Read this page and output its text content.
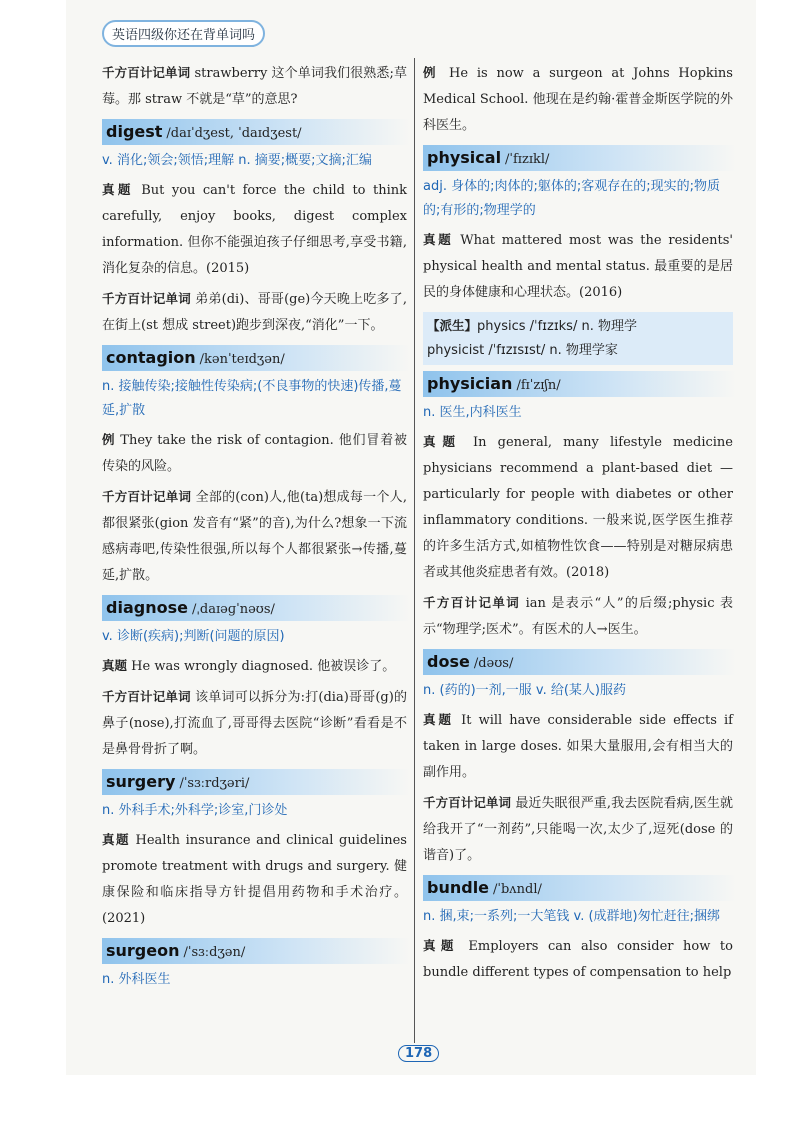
英语四级你还在背单词吗

千方百计记单词 strawberry 这个单词我们很熟悉;草莓。那 straw 不就是“草”的意思?

digest /daɪˈdʒest, ˈdaɪdʒest/

v. 消化;领会;领悟;理解 n. 摘要;概要;文摘;汇编

真题 But you can't force the child to think carefully, enjoy books, digest complex information. 但你不能强迫孩子仔细思考,享受书籍,消化复杂的信息。(2015)

千方百计记单词 弟弟(di)、哥哥(ge)今天晚上吃多了,在街上(st 想成 street)跑步到深夜,“消化”一下。

contagion /kənˈteɪdʒən/

n. 接触传染;接触性传染病;(不良事物的快速)传播,蔓延,扩散

例 They take the risk of contagion. 他们冒着被传染的风险。

千方百计记单词 全部的(con)人,他(ta)想成每一个人,都很紧张(gion 发音有“紧”的音),为什么?想象一下流感病毒吧,传染性很强,所以每个人都很紧张→传播,蔓延,扩散。

diagnose /ˌdaɪəɡˈnəʊs/

v. 诊断(疾病);判断(问题的原因)

真题 He was wrongly diagnosed. 他被误诊了。

千方百计记单词 该单词可以拆分为:打(dia)哥哥(g)的鼻子(nose),打流血了,哥哥得去医院“诊断”看看是不是鼻骨骨折了啊。

surgery /ˈsɜːrdʒəri/

n. 外科手术;外科学;诊室,门诊处

真题 Health insurance and clinical guidelines promote treatment with drugs and surgery. 健康保险和临床指导方针提倡用药物和手术治疗。(2021)

surgeon /ˈsɜːdʒən/

n. 外科医生

例 He is now a surgeon at Johns Hopkins Medical School. 他现在是约翰·霍普金斯医学院的外科医生。

physical /ˈfɪzɪkl/

adj. 身体的;肉体的;躯体的;客观存在的;现实的;物质的;有形的;物理学的

真题 What mattered most was the residents' physical health and mental status. 最重要的是居民的身体健康和心理状态。(2016)

【派生】physics /ˈfɪzɪks/ n. 物理学
physicist /ˈfɪzɪsɪst/ n. 物理学家
physician /fɪˈzɪʃn/

n. 医生,内科医生

真题 In general, many lifestyle medicine physicians recommend a plant-based diet — particularly for people with diabetes or other inflammatory conditions. 一般来说,医学医生推荐的许多生活方式,如植物性饮食——特别是对糖尿病患者或其他炎症患者有效。(2018)

千方百计记单词 ian 是表示“人”的后缀;physic 表示“物理学;医术”。有医术的人→医生。

dose /dəʊs/

n. (药的)一剂,一服 v. 给(某人)服药

真题 It will have considerable side effects if taken in large doses. 如果大量服用,会有相当大的副作用。

千方百计记单词 最近失眠很严重,我去医院看病,医生就给我开了“一剂药”,只能喝一次,太少了,逗死(dose 的谐音)了。

bundle /ˈbʌndl/

n. 捆,束;一系列;一大笔钱 v. (成群地)匆忙赶往;捆绑

真题 Employers can also consider how to bundle different types of compensation to help

178
